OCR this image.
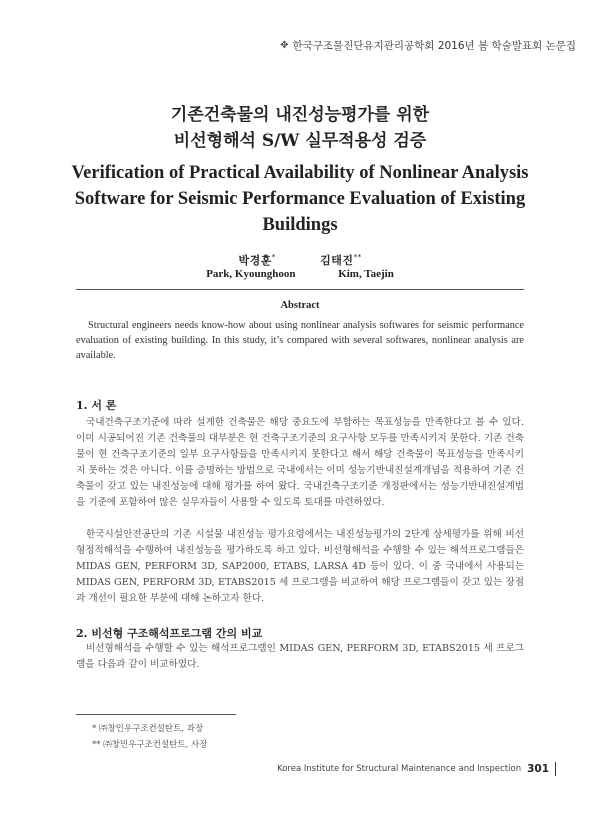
✥ 한국구조물진단유지관리공학회 2016년 봄 학술발표회 논문집
기존건축물의 내진성능평가를 위한
비선형해석 S/W 실무적용성 검증
Verification of Practical Availability of Nonlinear Analysis
Software for Seismic Performance Evaluation of Existing
Buildings
박경훈*	김태진**
Park, Kyounghoon	Kim, Taejin
Abstract
Structural engineers needs know-how about using nonlinear analysis softwares for seismic performance evaluation of existing building. In this study, it’s compared with several softwares, nonlinear analysis are available.
1. 서 론
국내건축구조기준에 따라 설계한 건축물은 해당 중요도에 부합하는 목표성능을 만족한다고 볼 수 있다. 이미 시공되어진 기존 건축물의 대부분은 현 건축구조기준의 요구사항 모두를 만족시키지 못한다. 기존 건축물이 현 건축구조기준의 일부 요구사항들을 만족시키지 못한다고 해서 해당 건축물이 목표성능을 만족시키지 못하는 것은 아니다. 이를 증명하는 방법으로 국내에서는 이미 성능기반내진설계개념을 적용하여 기존 건축물이 갖고 있는 내진성능에 대해 평가를 하여 왔다. 국내건축구조기준 개정판에서는 성능기반내진설계법을 기준에 포함하여 많은 실무자들이 사용할 수 있도록 토대를 마련하였다.
한국시설안전공단의 기존 시설물 내진성능 평가요령에서는 내진성능평가의 2단계 상세평가를 위해 비선형정적해석을 수행하여 내진성능을 평가하도록 하고 있다. 비선형해석을 수행할 수 있는 해석프로그램들은 MIDAS GEN, PERFORM 3D, SAP2000, ETABS, LARSA 4D 등이 있다. 이 중 국내에서 사용되는 MIDAS GEN, PERFORM 3D, ETABS2015 세 프로그램을 비교하여 해당 프로그램들이 갖고 있는 장점과 개선이 필요한 부분에 대해 논하고자 한다.
2. 비선형 구조해석프로그램 간의 비교
비선형해석을 수행할 수 있는 해석프로그램인 MIDAS GEN, PERFORM 3D, ETABS2015 세 프로그램을 다음과 같이 비교하였다.
* ㈜창민우구조컨설탄트, 과장
** ㈜창민우구조컨설탄트, 사장
Korea Institute for Structural Maintenance and Inspection 301
